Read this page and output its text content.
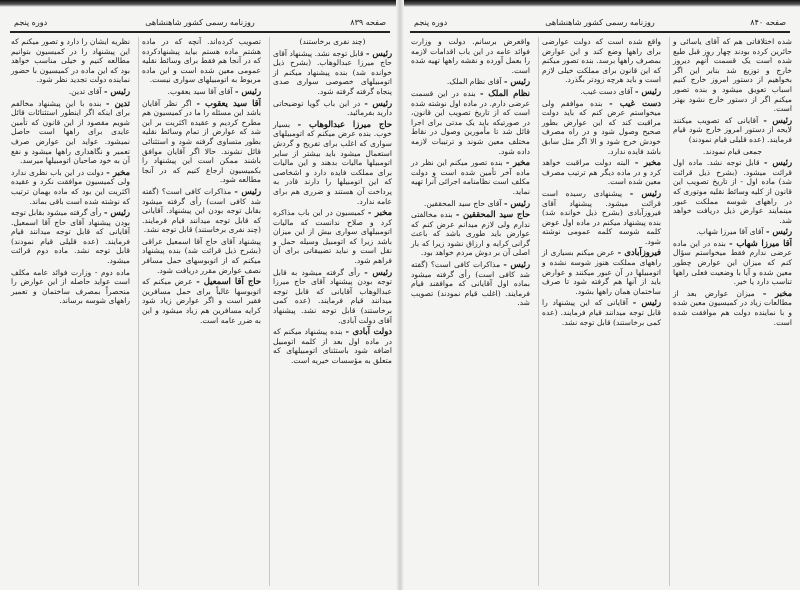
صفحه ۸۳۹
روزنامه رسمی کشور شاهنشاهی
دوره پنجم

(چند نفری برخاستند)

رئیس - قابل توجه نشد. پیشنهاد آقای حاج میرزا عبدالوهاب. (بشرح ذیل خوانده شد) بنده پیشنهاد میکنم از اتومبیلهای خصوصی سواری صدی پنجاه گرفته گرفته شود.

رئیس - در این باب گویا توضیحاتی دارید بفرمائید.

حاج میرزا عبدالوهاب - بسیار خوب. بنده عرض میکنم که اتومبیلهای سواری که اغلب برای تفریح و گردش استعمال میشود باید بیشتر از سایر اتومبیلها مالیات بدهند و این مالیات برای مملکت فایده دارد و اشخاصی که این اتومبیلها را دارند قادر به پرداخت آن هستند و ضرری هم برای عامه ندارد.

مخبر - کمیسیون در این باب مذاکره کرد و صلاح ندانست که مالیات اتومبیلهای سواری بیش از این میزان باشد زیرا که اتومبیل وسیله حمل و نقل است و نباید تضییقاتی برای آن فراهم شود.

رئیس - رأی گرفته میشود به قابل توجه بودن پیشنهاد آقای حاج میرزا عبدالوهاب آقایانی که قابل توجه میدانند قیام فرمایند. (عده کمی برخاستند) قابل توجه نشد. پیشنهاد آقای دولت آبادی.

دولت آبادی - بنده پیشنهاد میکنم که در ماده اول بعد از کلمه اتومبیل اضافه شود باستثنای اتومبیلهای که متعلق به مؤسسات خیریه است.

تصویب کرده‌اند. آنچه که در ماده هشتم ماده هستم بیاید پیشنهادکرده که در آنجا هم فقط برای وسائط نقلیه عمومی معین شده است و این ماده مربوط به اتومبیلهای سواری نیست.

رئیس - آقای آقا سید یعقوب.

آقا سید یعقوب - اگر نظر آقایان باشد این مسئله را ما در کمیسیون هم مطرح کردیم و عقیده اکثریت بر این شد که عوارض از تمام وسائط نقلیه بطور متساوی گرفته شود و استثنائی قائل نشوند. حالا اگر آقایان موافق باشند ممکن است این پیشنهاد را بکمیسیون ارجاع کنیم که در آنجا مطالعه شود.

رئیس - مذاکرات کافی است؟ (گفته شد کافی است) رأی گرفته میشود بقابل توجه بودن این پیشنهاد. آقایانی که قابل توجه میدانند قیام فرمایند. (چند نفری برخاستند) قابل توجه نشد.

پیشنهاد آقای حاج آقا اسمعیل عراقی (بشرح ذیل قرائت شد) بنده پیشنهاد میکنم که از اتوبوسهای حمل مسافر نصف عوارض مقرر دریافت شود.

حاج آقا اسمعیل - عرض میکنم که اتوبوسها غالباً برای حمل مسافرین فقیر است و اگر عوارض زیاد شود کرایه مسافرین هم زیاد میشود و این به ضرر عامه است.

نظریه ایشان را دارد و تصور میکنم که این پیشنهاد را در کمیسیون بتوانیم مطالعه کنیم و خیلی مناسب خواهد بود که این ماده در کمیسیون با حضور نماینده دولت تجدید نظر شود.

رئیس - آقای تدین.

تدین - بنده با این پیشنهاد مخالفم برای اینکه اگر اینطور استثنائات قائل شویم مقصود از این قانون که تأمین عایدی برای راهها است حاصل نمیشود. عواید این عوارض صرف تعمیر و نگاهداری راهها میشود و نفع آن به خود صاحبان اتومبیلها میرسد.

مخبر - دولت در این باب نظری ندارد ولی کمیسیون موافقت نکرد و عقیده اکثریت این بود که ماده بهمان ترتیب که نوشته شده است باقی بماند.

رئیس - رأی گرفته میشود بقابل توجه بودن پیشنهاد آقای حاج آقا اسمعیل. آقایانی که قابل توجه میدانند قیام فرمایند. (عده قلیلی قیام نمودند) قابل توجه نشد. ماده دوم قرائت میشود.

ماده دوم - وزارت فوائد عامه مکلف است عواید حاصله از این عوارض را منحصراً بمصرف ساختمان و تعمیر راههای شوسه برساند.

صفحه ۸۴۰
روزنامه رسمی کشور شاهنشاهی
دوره پنجم

شده اختلافاتی هم که آقای یاسائی و حائرین کرده بودند چهار روز قبل طبع شده است یک قسمت آنهم دیروز خارج و توزیع شد بنابر این اگر بخواهیم از دستور امروز خارج کنیم اسباب تعویق میشود و بنده تصور میکنم اگر از دستور خارج نشود بهتر است.

رئیس - آقایانی که تصویب میکنند لایحه از دستور امروز خارج شود قیام فرمایند. (عده قلیلی قیام نمودند)

جمعی قیام نمودند.

رئیس - قابل توجه نشد. ماده اول قرائت میشود. (بشرح ذیل قرائت شد) ماده اول - از تاریخ تصویب این قانون از کلیه وسائط نقلیه موتوری که در راههای شوسه مملکت عبور مینمایند عوارض ذیل دریافت خواهد شد.

رئیس - آقای آقا میرزا شهاب.

آقا میرزا شهاب - بنده در این ماده عرضی ندارم فقط میخواستم سؤال کنم که میزان این عوارض چطور معین شده و آیا با وضعیت فعلی راهها تناسب دارد یا خیر.

مخبر - میزان عوارض بعد از مطالعات زیاد در کمیسیون معین شده و با نماینده دولت هم موافقت شده است.

واقع شده است که دولت عوارضی برای راهها وضع کند و این عوارض بمصرف راهها برسد. بنده تصور میکنم که این قانون برای مملکت خیلی لازم است و باید هرچه زودتر بگذرد.

رئیس - آقای دست غیب.

دست غیب - بنده موافقم ولی میخواستم عرض کنم که باید دولت مراقبت کند که این عوارض بطور صحیح وصول شود و در راه مصرف خودش خرج شود و الا اگر مثل سابق باشد فایده ندارد.

مخبر - البته دولت مراقبت خواهد کرد و در ماده دیگر هم ترتیب مصرف معین شده است.

رئیس - پیشنهادی رسیده است قرائت میشود. پیشنهاد آقای فیروزآبادی (بشرح ذیل خوانده شد) بنده پیشنهاد میکنم در ماده اول عوض کلمه شوسه کلمه عمومی نوشته شود.

فیروزآبادی - عرض میکنم بسیاری از راههای مملکت هنوز شوسه نشده و اتومبیلها در آن عبور میکنند و عوارض باید از آنها هم گرفته شود تا صرف ساختمان همان راهها بشود.

رئیس - آقایانی که این پیشنهاد را قابل توجه میدانند قیام فرمایند. (عده کمی برخاستند) قابل توجه نشد.

واقعرض برسانم. دولت و وزارت فوائد عامه در این باب اقدامات لازمه را بعمل آورده و نقشه راهها تهیه شده است.

رئیس - آقای نظام الملک.

نظام الملک - بنده در این قسمت عرضی دارم. در ماده اول نوشته شده است که از تاریخ تصویب این قانون، در صورتیکه باید یک مدتی برای اجرا قائل شد تا مأمورین وصول در نقاط مختلف معین شوند و ترتیبات لازمه داده شود.

مخبر - بنده تصور میکنم این نظر در ماده آخر تأمین شده است و دولت مکلف است نظامنامه اجرائی آنرا تهیه نماید.

رئیس - آقای حاج سید المحققین.

حاج سید المحققین - بنده مخالفتی ندارم ولی لازم میدانم عرض کنم که عوارض باید طوری باشد که باعث گرانی کرایه و ارزاق نشود زیرا که بار اصلی آن بر دوش مردم خواهد بود.

رئیس - مذاکرات کافی است؟ (گفته شد کافی است) رأی گرفته میشود بماده اول آقایانی که موافقند قیام فرمایند. (اغلب قیام نمودند) تصویب شد.
